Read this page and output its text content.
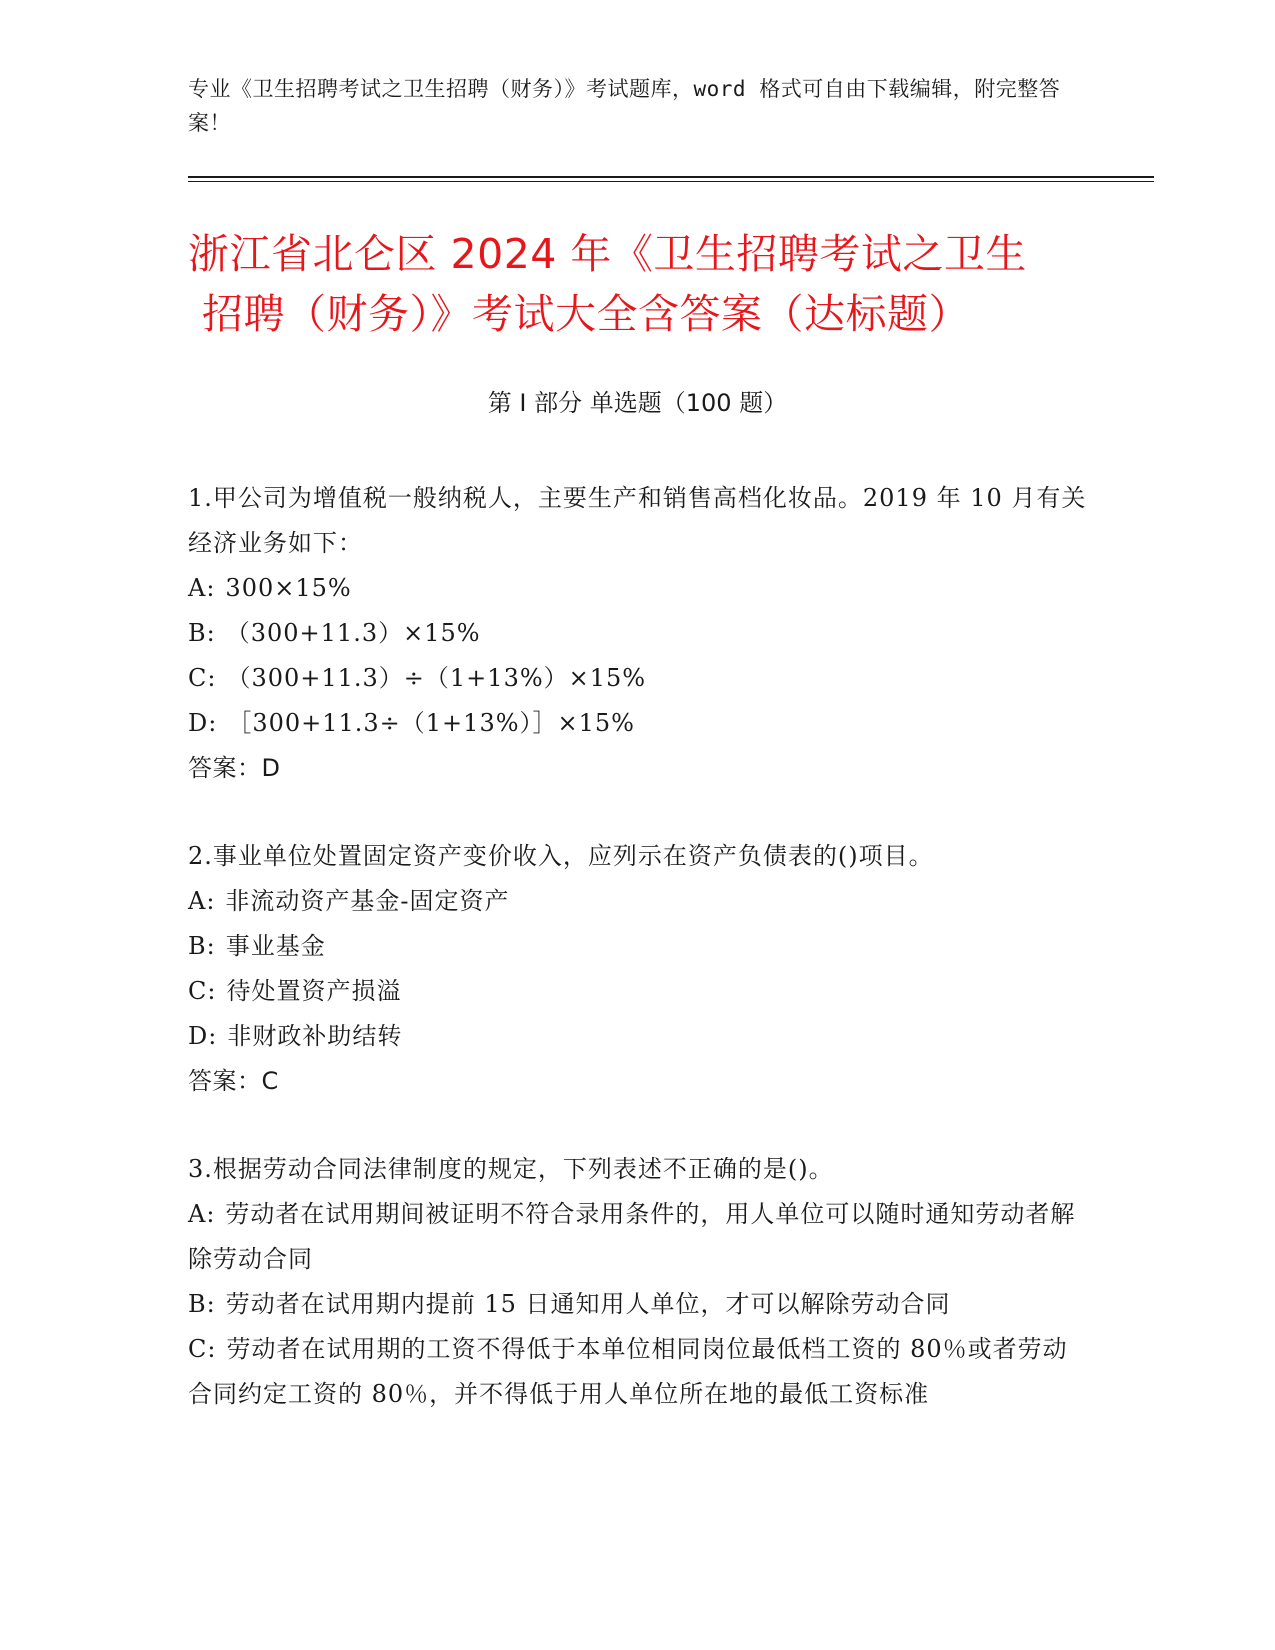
专业《卫生招聘考试之卫生招聘（财务）》考试题库，word 格式可自由下载编辑，附完整答案！
浙江省北仑区 2024 年《卫生招聘考试之卫生
招聘（财务）》考试大全含答案（达标题）
第 I 部分 单选题（100 题）

1.甲公司为增值税一般纳税人，主要生产和销售高档化妆品。2019 年 10 月有关经济业务如下：

A: 300×15%

B: （300+11.3）×15%

C: （300+11.3）÷（1+13%）×15%

D: ［300+11.3÷（1+13%）］×15%

答案：D

2.事业单位处置固定资产变价收入，应列示在资产负债表的()项目。

A: 非流动资产基金-固定资产

B: 事业基金

C: 待处置资产损溢

D: 非财政补助结转

答案：C

3.根据劳动合同法律制度的规定，下列表述不正确的是()。

A: 劳动者在试用期间被证明不符合录用条件的，用人单位可以随时通知劳动者解除劳动合同

B: 劳动者在试用期内提前 15 日通知用人单位，才可以解除劳动合同

C: 劳动者在试用期的工资不得低于本单位相同岗位最低档工资的 80％或者劳动合同约定工资的 80％，并不得低于用人单位所在地的最低工资标准
